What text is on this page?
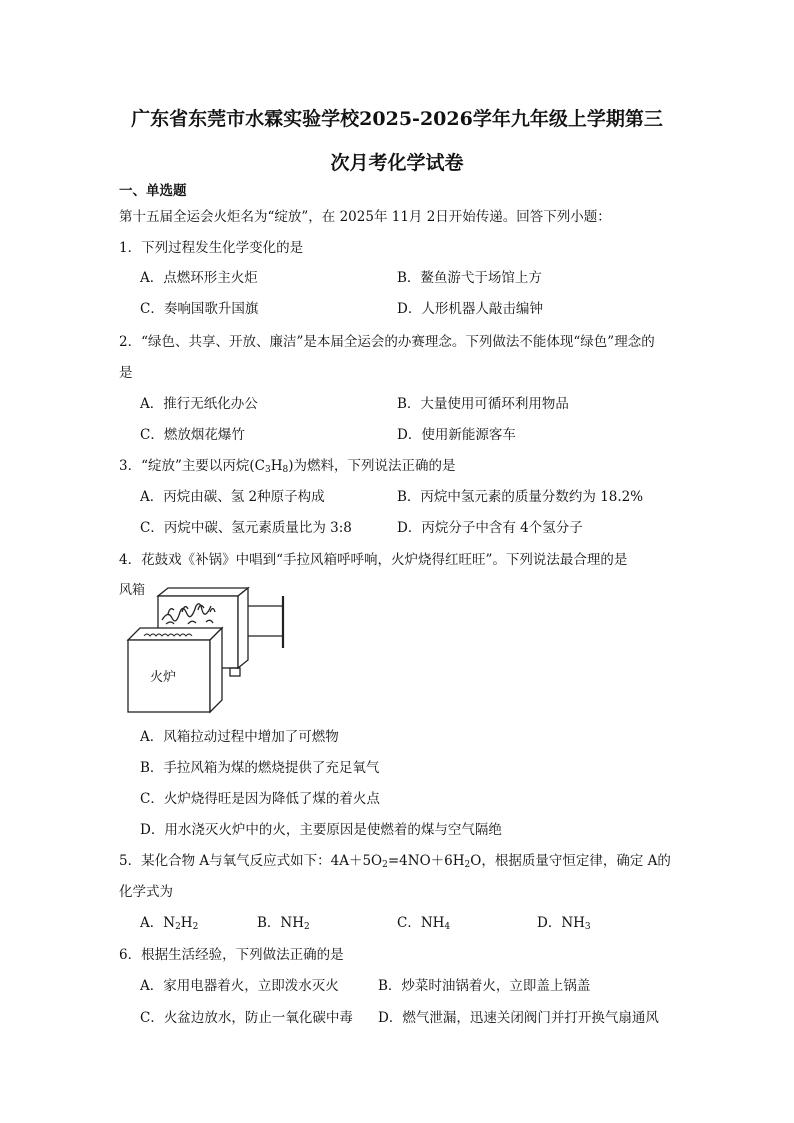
广东省东莞市水霖实验学校2025-2026学年九年级上学期第三
次月考化学试卷
一、单选题
第十五届全运会火炬名为“绽放”，在 2025年 11月 2日开始传递。回答下列小题：
1．下列过程发生化学变化的是
A．点燃环形主火炬	B．鳌鱼游弋于场馆上方
C．奏响国歌升国旗	D．人形机器人敲击编钟
2．“绿色、共享、开放、廉洁”是本届全运会的办赛理念。下列做法不能体现“绿色”理念的
是
A．推行无纸化办公	B．大量使用可循环利用物品
C．燃放烟花爆竹	D．使用新能源客车
3．“绽放”主要以丙烷$(C_3H_8)$为燃料，下列说法正确的是
A．丙烷由碳、氢 2种原子构成	B．丙烷中氢元素的质量分数约为 18.2%
C．丙烷中碳、氢元素质量比为 3:8	D．丙烷分子中含有 4个氢分子
4．花鼓戏《补锅》中唱到“手拉风箱呼呼响，火炉烧得红旺旺”。下列说法最合理的是
风箱
火炉
A．风箱拉动过程中增加了可燃物
B．手拉风箱为煤的燃烧提供了充足氧气
C．火炉烧得旺是因为降低了煤的着火点
D．用水浇灭火炉中的火，主要原因是使燃着的煤与空气隔绝
5．某化合物 A与氧气反应式如下：$4A+5O_2=4NO+6H_2O$，根据质量守恒定律，确定 A的
化学式为
A．$N_2H_2$	B．$NH_2$	C．$NH_4$	D．$NH_3$
6．根据生活经验，下列做法正确的是
A．家用电器着火，立即泼水灭火	B．炒菜时油锅着火，立即盖上锅盖
C．火盆边放水，防止一氧化碳中毒 D．燃气泄漏，迅速关闭阀门并打开换气扇通风
